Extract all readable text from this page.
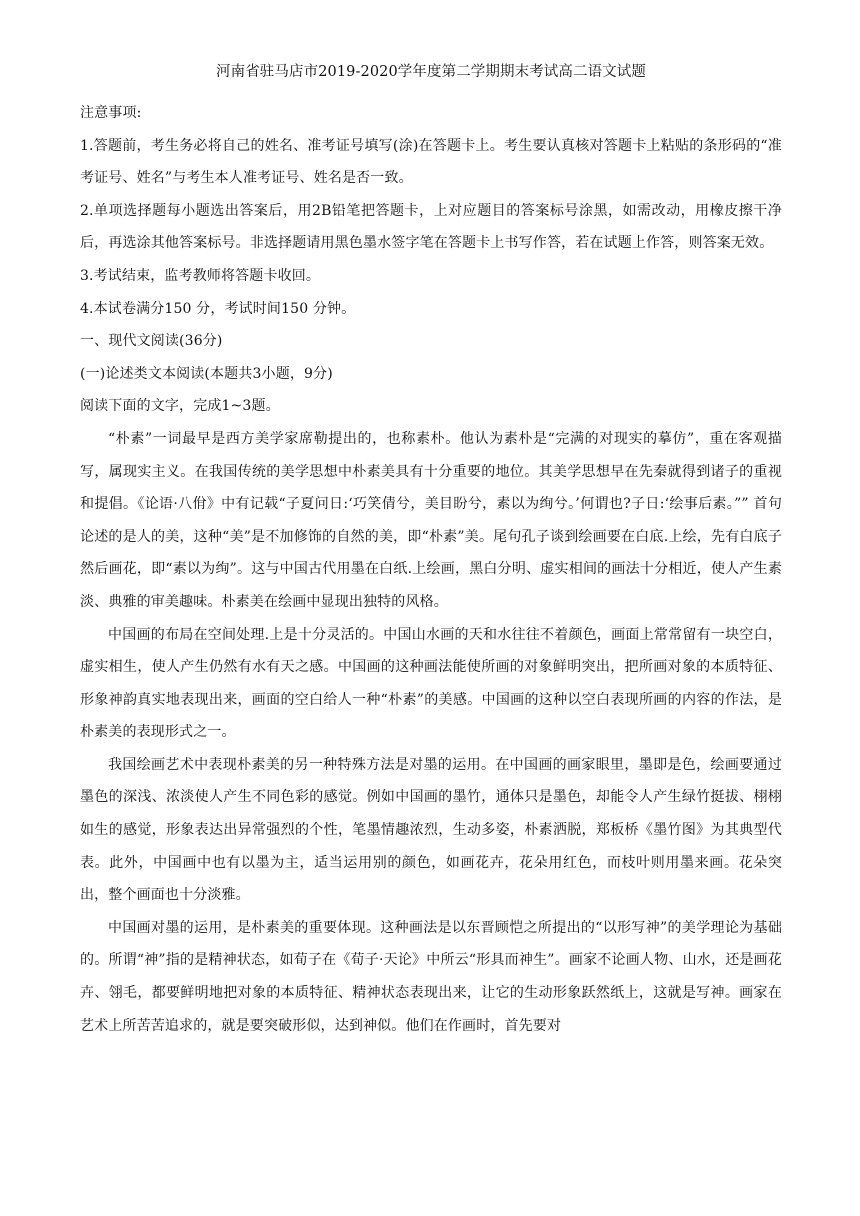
河南省驻马店市2019-2020学年度第二学期期末考试高二语文试题

注意事项:

1.答题前，考生务必将自己的姓名、准考证号填写(涂)在答题卡上。考生要认真核对答题卡上粘贴的条形码的“准考证号、姓名”与考生本人准考证号、姓名是否一致。

2.单项选择题每小题选出答案后，用2B铅笔把答题卡，上对应题目的答案标号涂黑，如需改动，用橡皮擦干净后，再选涂其他答案标号。非选择题请用黑色墨水签字笔在答题卡上书写作答，若在试题上作答，则答案无效。

3.考试结束，监考教师将答题卡收回。

4.本试卷满分150 分，考试时间150 分钟。

一、现代文阅读(36分)

(一)论述类文本阅读(本题共3小题，9分)

阅读下面的文字，完成1~3题。

“朴素”一词最早是西方美学家席勒提出的，也称素朴。他认为素朴是“完满的对现实的摹仿”，重在客观描写，属现实主义。在我国传统的美学思想中朴素美具有十分重要的地位。其美学思想早在先秦就得到诸子的重视和提倡。《论语·八佾》中有记载“子夏问日:‘巧笑倩兮，美目盼兮，素以为绚兮。’何谓也?子日:‘绘事后素。”” 首句论述的是人的美，这种“美”是不加修饰的自然的美，即“朴素”美。尾句孔子谈到绘画要在白底.上绘，先有白底子然后画花，即“素以为绚”。这与中国古代用墨在白纸.上绘画，黑白分明、虚实相间的画法十分相近，使人产生素淡、典雅的审美趣味。朴素美在绘画中显现出独特的风格。

中国画的布局在空间处理.上是十分灵活的。中国山水画的天和水往往不着颜色，画面上常常留有一块空白，虚实相生，使人产生仍然有水有天之感。中国画的这种画法能使所画的对象鲜明突出，把所画对象的本质特征、形象神韵真实地表现出来，画面的空白给人一种“朴素”的美感。中国画的这种以空白表现所画的内容的作法，是朴素美的表现形式之一。

我国绘画艺术中表现朴素美的另一种特殊方法是对墨的运用。在中国画的画家眼里，墨即是色，绘画要通过墨色的深浅、浓淡使人产生不同色彩的感觉。例如中国画的墨竹，通体只是墨色，却能令人产生绿竹挺拔、栩栩如生的感觉，形象表达出异常强烈的个性，笔墨情趣浓烈，生动多姿，朴素洒脱，郑板桥《墨竹图》为其典型代表。此外，中国画中也有以墨为主，适当运用别的颜色，如画花卉，花朵用红色，而枝叶则用墨来画。花朵突出，整个画面也十分淡雅。

中国画对墨的运用，是朴素美的重要体现。这种画法是以东晋顾恺之所提出的“以形写神”的美学理论为基础的。所谓“神”指的是精神状态，如荀子在《荀子·天论》中所云“形具而神生”。画家不论画人物、山水，还是画花卉、翎毛，都要鲜明地把对象的本质特征、精神状态表现出来，让它的生动形象跃然纸上，这就是写神。画家在艺术上所苦苦追求的，就是要突破形似，达到神似。他们在作画时，首先要对
